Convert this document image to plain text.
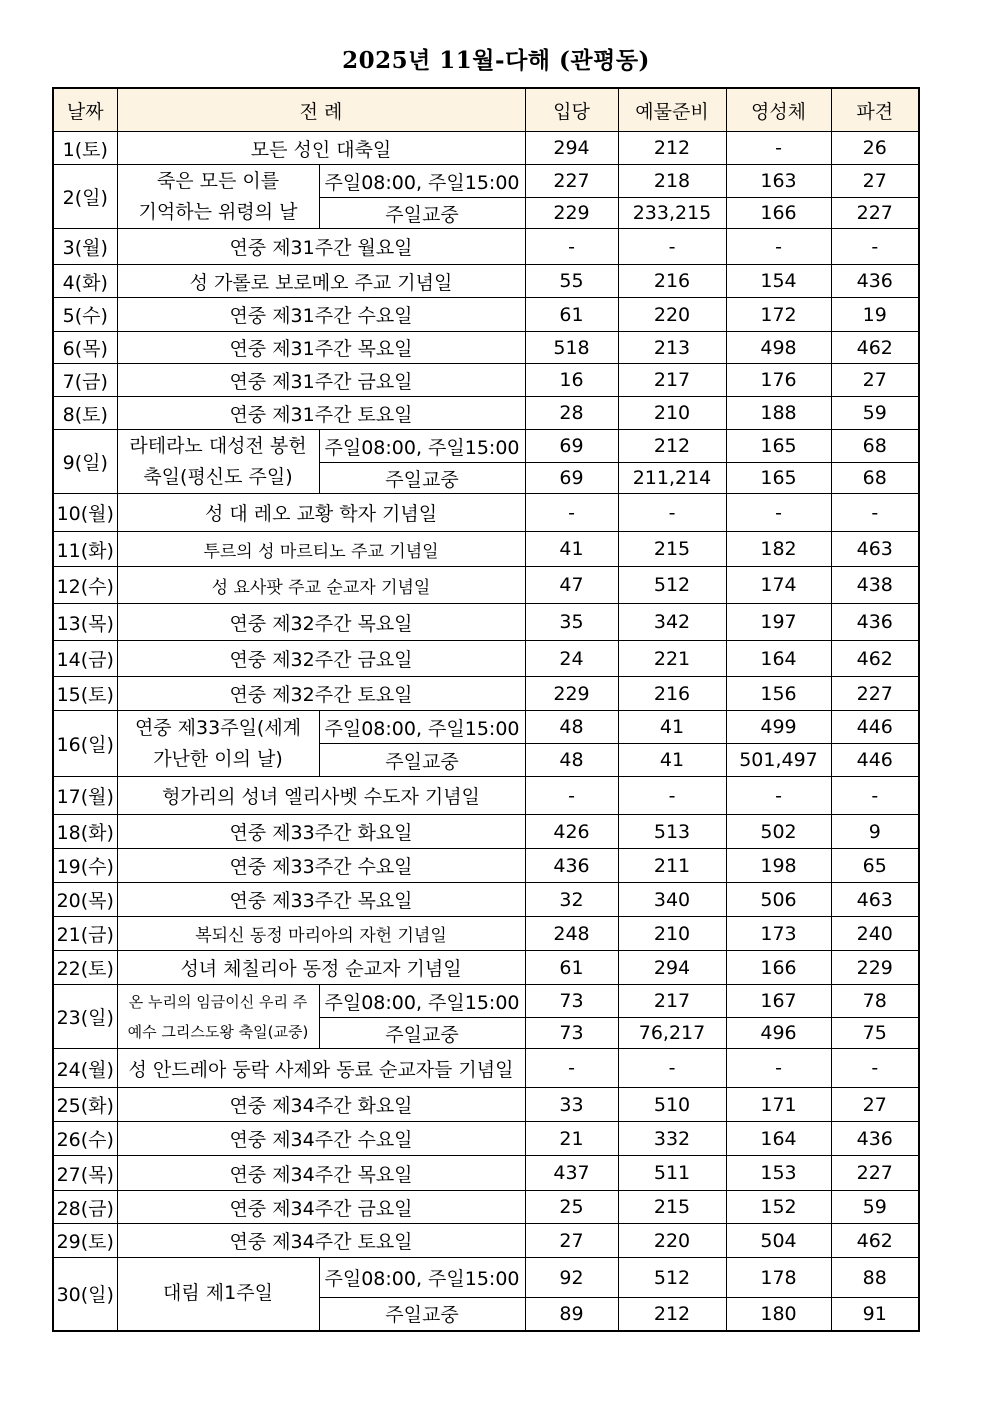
2025년 11월-다해 (관평동)
날짜	전 례		입당	예물준비	영성체	파견
1(토)	모든 성인 대축일		294	212	-	26
2(일)	죽은 모든 이를
기억하는 위령의 날	주일08:00, 주일15:00	227	218	163	27
		주일교중	229	233,215	166	227
3(월)	연중 제31주간 월요일		-	-	-	-
4(화)	성 가롤로 보로메오 주교 기념일		55	216	154	436
5(수)	연중 제31주간 수요일		61	220	172	19
6(목)	연중 제31주간 목요일		518	213	498	462
7(금)	연중 제31주간 금요일		16	217	176	27
8(토)	연중 제31주간 토요일		28	210	188	59
9(일)	라테라노 대성전 봉헌
축일(평신도 주일)	주일08:00, 주일15:00	69	212	165	68
		주일교중	69	211,214	165	68
10(월)	성 대 레오 교황 학자 기념일		-	-	-	-
11(화)	투르의 성 마르티노 주교 기념일		41	215	182	463
12(수)	성 요사팟 주교 순교자 기념일		47	512	174	438
13(목)	연중 제32주간 목요일		35	342	197	436
14(금)	연중 제32주간 금요일		24	221	164	462
15(토)	연중 제32주간 토요일		229	216	156	227
16(일)	연중 제33주일(세계
가난한 이의 날)	주일08:00, 주일15:00	48	41	499	446
		주일교중	48	41	501,497	446
17(월)	헝가리의 성녀 엘리사벳 수도자 기념일		-	-	-	-
18(화)	연중 제33주간 화요일		426	513	502	9
19(수)	연중 제33주간 수요일		436	211	198	65
20(목)	연중 제33주간 목요일		32	340	506	463
21(금)	복되신 동정 마리아의 자헌 기념일		248	210	173	240
22(토)	성녀 체칠리아 동정 순교자 기념일		61	294	166	229
23(일)	온 누리의 임금이신 우리 주
예수 그리스도왕 축일(교중)	주일08:00, 주일15:00	73	217	167	78
		주일교중	73	76,217	496	75
24(월)	성 안드레아 둥락 사제와 동료 순교자들 기념일		-	-	-	-
25(화)	연중 제34주간 화요일		33	510	171	27
26(수)	연중 제34주간 수요일		21	332	164	436
27(목)	연중 제34주간 목요일		437	511	153	227
28(금)	연중 제34주간 금요일		25	215	152	59
29(토)	연중 제34주간 토요일		27	220	504	462
30(일)	대림 제1주일	주일08:00, 주일15:00	92	512	178	88
		주일교중	89	212	180	91
